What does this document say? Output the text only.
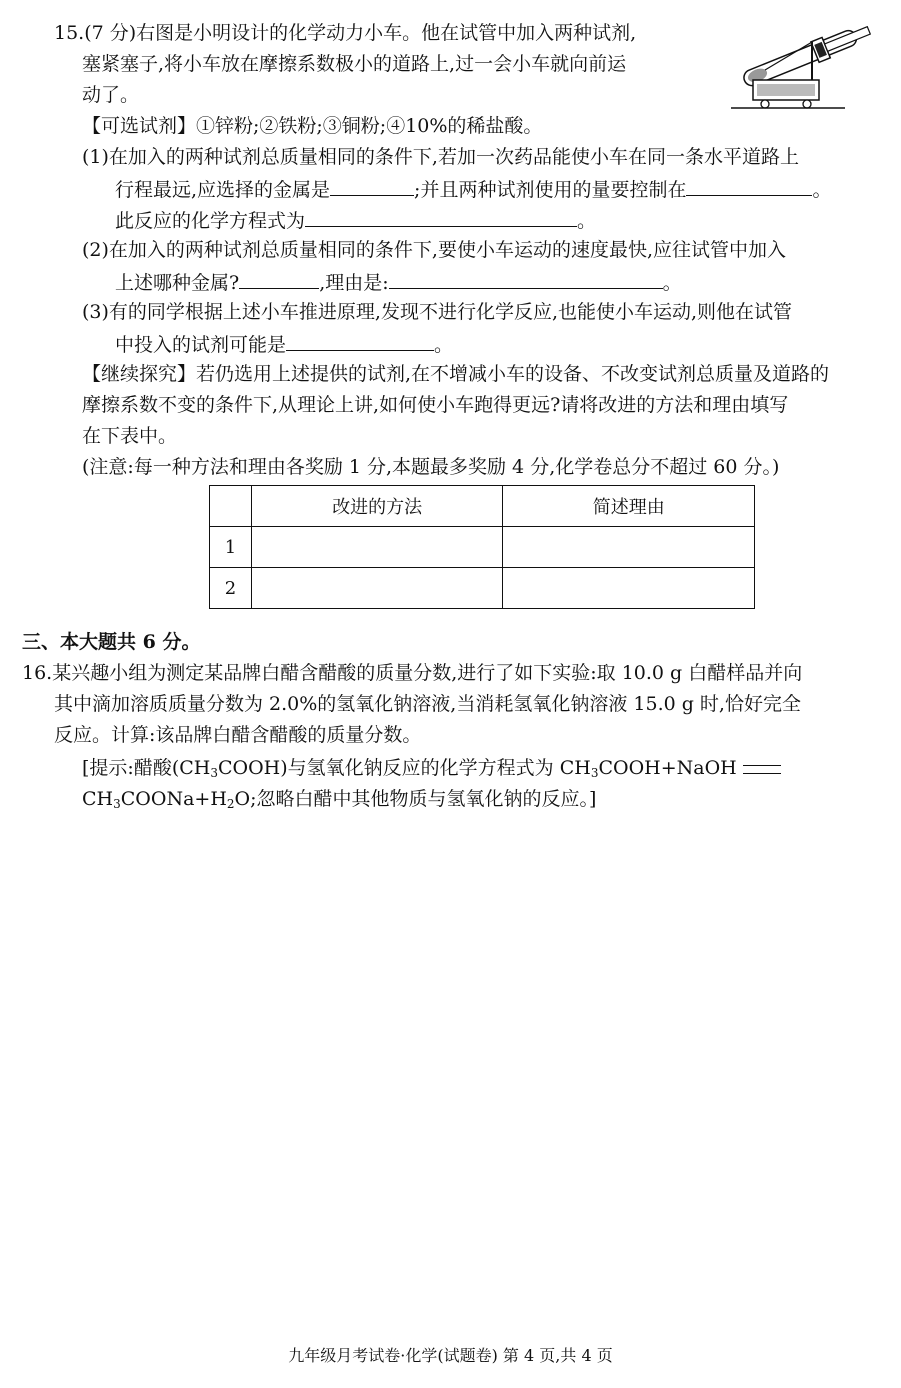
15.(7 分)右图是小明设计的化学动力小车。他在试管中加入两种试剂,
塞紧塞子,将小车放在摩擦系数极小的道路上,过一会小车就向前运
动了。
【可选试剂】①锌粉;②铁粉;③铜粉;④10%的稀盐酸。
(1)在加入的两种试剂总质量相同的条件下,若加一次药品能使小车在同一条水平道路上
行程最远,应选择的金属是	;并且两种试剂使用的量要控制在	。
此反应的化学方程式为	。
(2)在加入的两种试剂总质量相同的条件下,要使小车运动的速度最快,应往试管中加入
上述哪种金属?	,理由是:	。
(3)有的同学根据上述小车推进原理,发现不进行化学反应,也能使小车运动,则他在试管
中投入的试剂可能是	。
【继续探究】若仍选用上述提供的试剂,在不增减小车的设备、不改变试剂总质量及道路的
摩擦系数不变的条件下,从理论上讲,如何使小车跑得更远?请将改进的方法和理由填写
在下表中。
(注意:每一种方法和理由各奖励 1 分,本题最多奖励 4 分,化学卷总分不超过 60 分。)
	改进的方法	简述理由
1		
2		
三、本大题共 6 分。
16.某兴趣小组为测定某品牌白醋含醋酸的质量分数,进行了如下实验:取 10.0 g 白醋样品并向
其中滴加溶质质量分数为 2.0%的氢氧化钠溶液,当消耗氢氧化钠溶液 15.0 g 时,恰好完全
反应。计算:该品牌白醋含醋酸的质量分数。
[提示:醋酸$(CH_3COOH)$与氢氧化钠反应的化学方程式为 $CH_3COOH+NaOH$
$CH_3COONa+H_2O$;忽略白醋中其他物质与氢氧化钠的反应。]
九年级月考试卷·化学(试题卷) 第 4 页,共 4 页
